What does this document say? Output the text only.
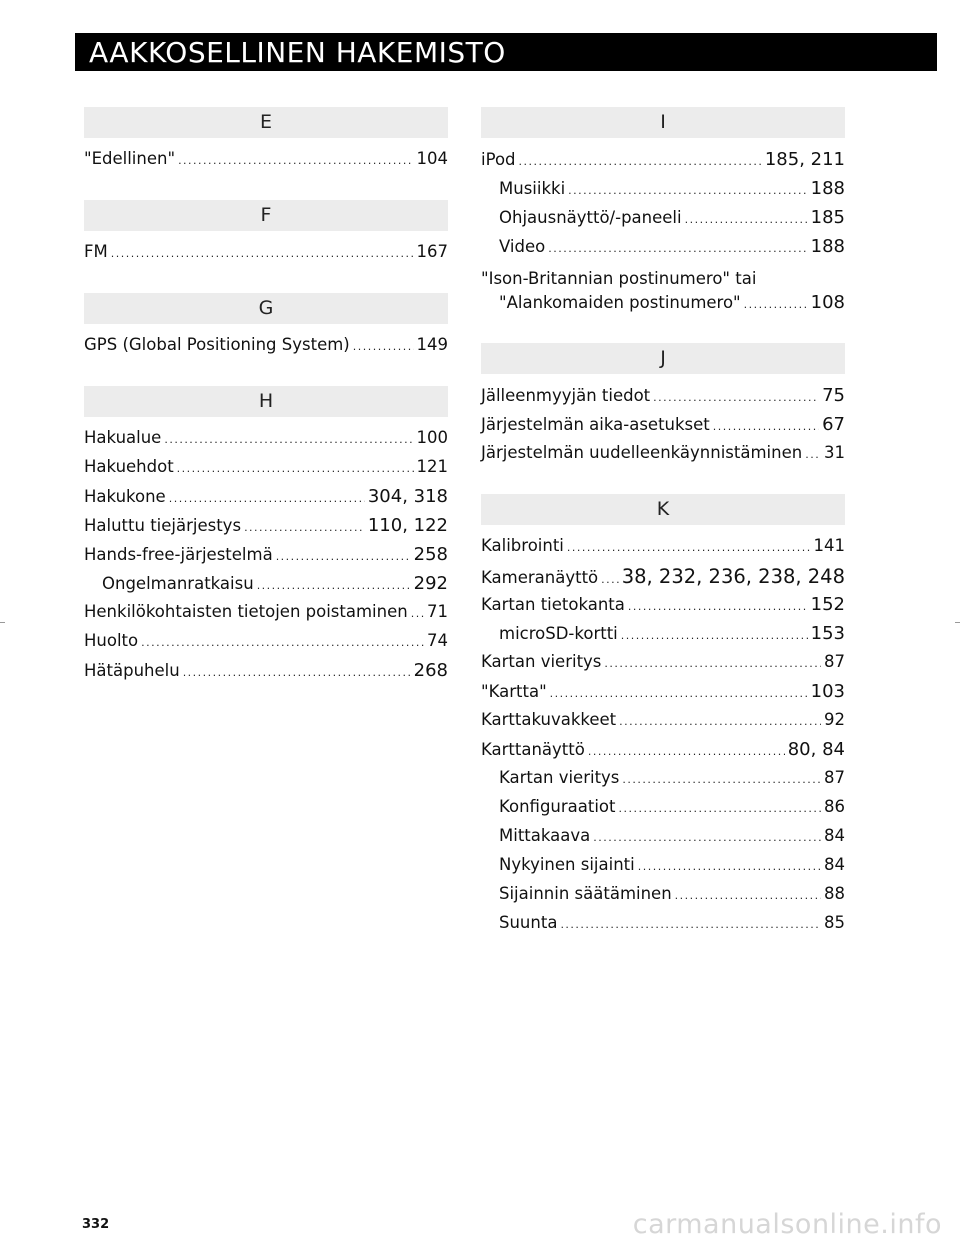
AAKKOSELLINEN HAKEMISTO
E
"Edellinen" .....	104
F
FM .....	167
G
GPS (Global Positioning System) .....	149
H
Hakualue .....	100
Hakuehdot .....	121
Hakukone .....	304, 318
Haluttu tiejärjestys .....	110, 122
Hands-free-järjestelmä .....	258
Ongelmanratkaisu .....	292
Henkilökohtaisten tietojen poistaminen ..... 71
Huolto .....	74
Hätäpuhelu .....	268
I
iPod .....	185, 211
Musiikki .....	188
Ohjausnäyttö/-paneeli .....	185
Video .....	188
"Ison-Britannian postinumero" tai
"Alankomaiden postinumero" .....	108
J
Jälleenmyyjän tiedot .....	75
Järjestelmän aika-asetukset .....	67
Järjestelmän uudelleenkäynnistäminen ..... 31
K
Kalibrointi .....	141
Kameranäyttö ..... 38, 232, 236, 238, 248
Kartan tietokanta .....	152
microSD-kortti .....	153
Kartan vieritys .....	87
"Kartta" .....	103
Karttakuvakkeet .....	92
Karttanäyttö .....	80, 84
Kartan vieritys .....	87
Konfiguraatiot .....	86
Mittakaava .....	84
Nykyinen sijainti .....	84
Sijainnin säätäminen .....	88
Suunta .....	85
332	carmanualsonline.info
